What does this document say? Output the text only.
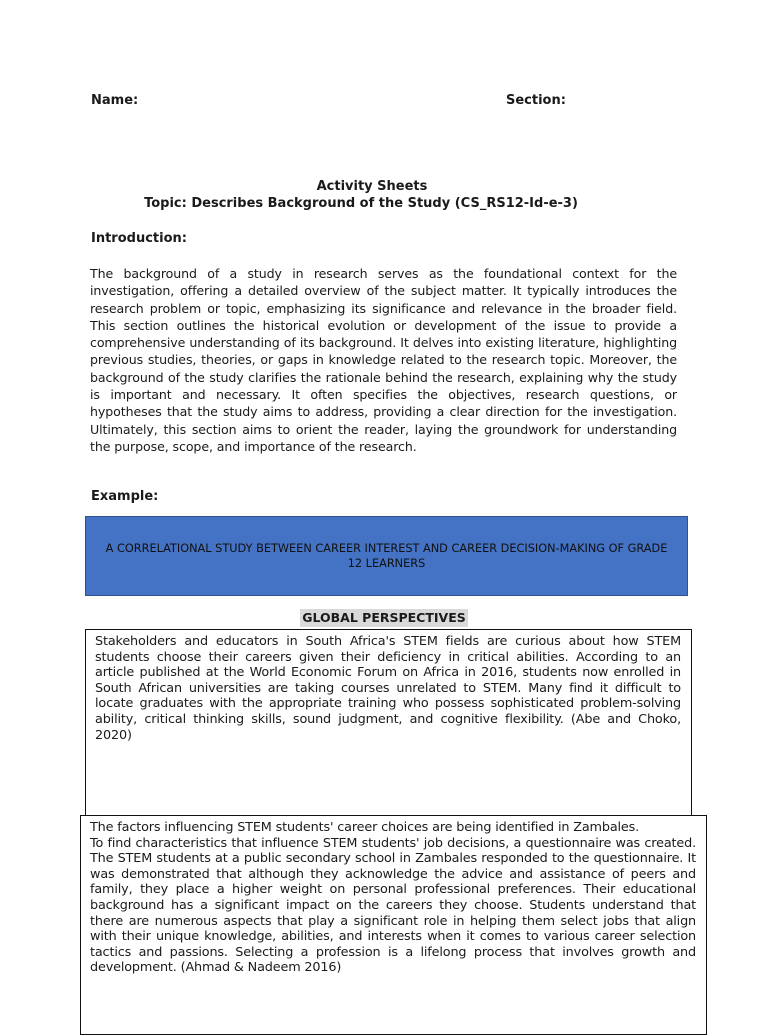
Name:	Section:
Activity Sheets
Topic: Describes Background of the Study (CS_RS12-Id-e-3)
Introduction:
The background of a study in research serves as the foundational context for the investigation, offering a detailed overview of the subject matter. It typically introduces the research problem or topic, emphasizing its significance and relevance in the broader field. This section outlines the historical evolution or development of the issue to provide a comprehensive understanding of its background. It delves into existing literature, highlighting previous studies, theories, or gaps in knowledge related to the research topic. Moreover, the background of the study clarifies the rationale behind the research, explaining why the study is important and necessary. It often specifies the objectives, research questions, or hypotheses that the study aims to address, providing a clear direction for the investigation. Ultimately, this section aims to orient the reader, laying the groundwork for understanding the purpose, scope, and importance of the research.
Example:
A CORRELATIONAL STUDY BETWEEN CAREER INTEREST AND CAREER DECISION-MAKING OF GRADE 12 LEARNERS
GLOBAL PERSPECTIVES
Stakeholders and educators in South Africa's STEM fields are curious about how STEM students choose their careers given their deficiency in critical abilities. According to an article published at the World Economic Forum on Africa in 2016, students now enrolled in South African universities are taking courses unrelated to STEM. Many find it difficult to locate graduates with the appropriate training who possess sophisticated problem-solving ability, critical thinking skills, sound judgment, and cognitive flexibility. (Abe and Choko, 2020)

The factors influencing STEM students' career choices are being identified in Zambales.

To find characteristics that influence STEM students' job decisions, a questionnaire was created. The STEM students at a public secondary school in Zambales responded to the questionnaire. It was demonstrated that although they acknowledge the advice and assistance of peers and family, they place a higher weight on personal professional preferences. Their educational background has a significant impact on the careers they choose. Students understand that there are numerous aspects that play a significant role in helping them select jobs that align with their unique knowledge, abilities, and interests when it comes to various career selection tactics and passions. Selecting a profession is a lifelong process that involves growth and development. (Ahmad & Nadeem 2016)
